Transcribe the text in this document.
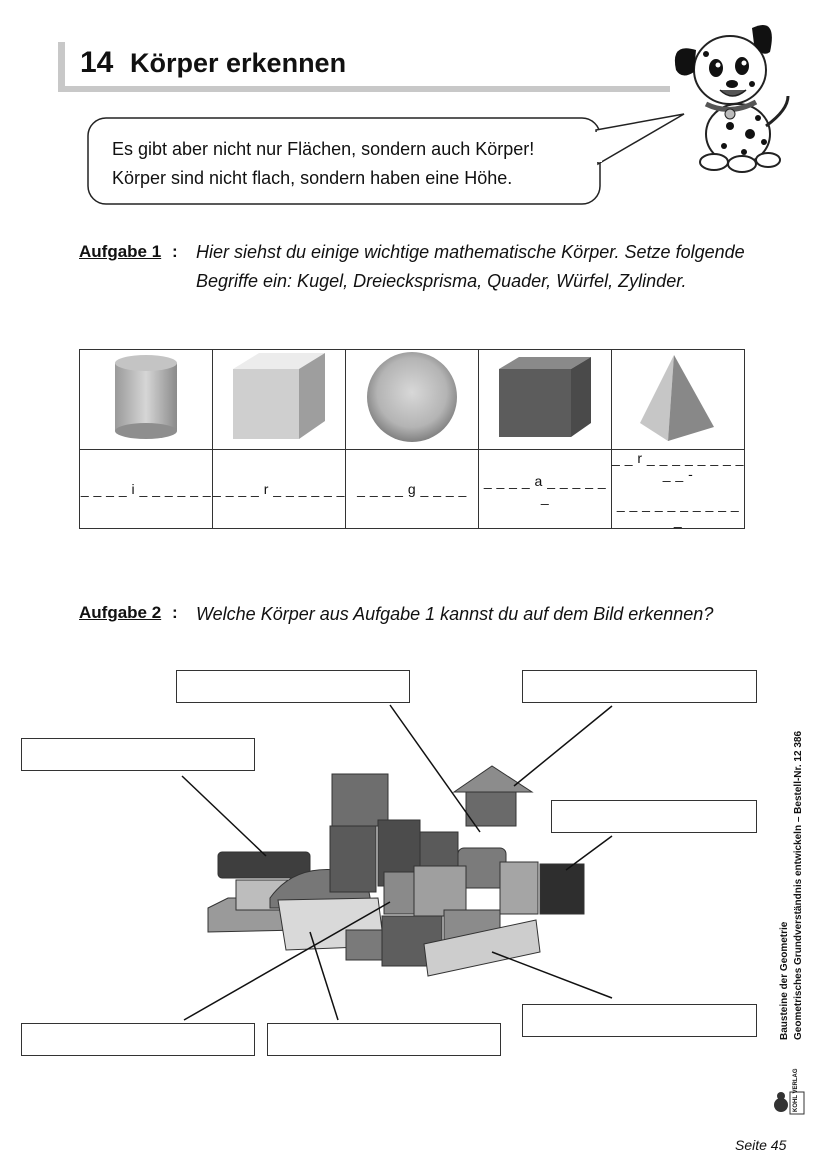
14 Körper erkennen
Es gibt aber nicht nur Flächen, sondern auch Körper!
Körper sind nicht flach, sondern haben eine Höhe.
Aufgabe 1 : Hier siehst du einige wichtige mathematische Körper. Setze folgende Begriffe ein: Kugel, Dreiecksprisma, Quader, Würfel, Zylinder.

_ _ _ _ i _ _ _ _ _ _	_ _ _ _ r _ _ _ _ _ _	_ _ _ _ g _ _ _ _	_ _ _ _ a _ _ _ _ _ _	_ _ r _ _ _ _ _ _ _ _ _ _ -
_ _ _ _ _ _ _ _ _ _ _
Aufgabe 2 : Welche Körper aus Aufgabe 1 kannst du auf dem Bild erkennen?
Bausteine der Geometrie Geometrisches Grundverständnis entwickeln – Bestell-Nr. 12 386
KOHL VERLAG
Seite 45
